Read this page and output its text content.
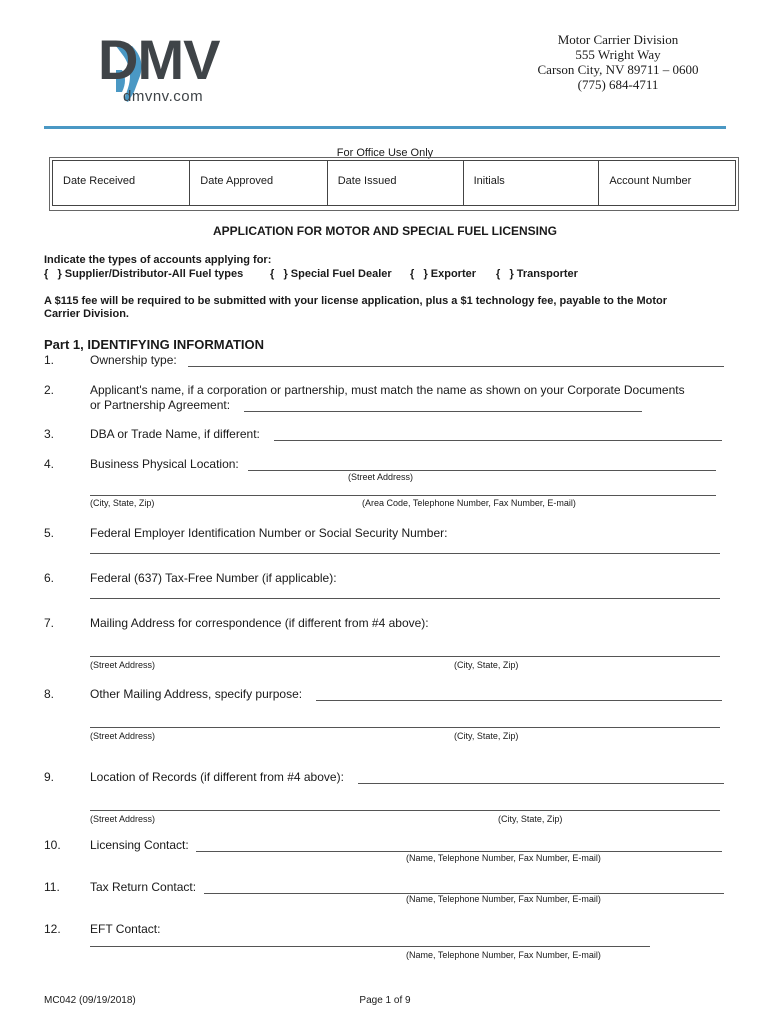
DMV
dmvnv.com
Motor Carrier Division
555 Wright Way
Carson City, NV 89711 – 0600
(775) 684-4711
For Office Use Only
Date Received	Date Approved	Date Issued	Initials	Account Number
APPLICATION FOR MOTOR AND SPECIAL FUEL LICENSING
Indicate the types of accounts applying for:
{   } Supplier/Distributor-All Fuel types {   } Special Fuel Dealer {   } Exporter {   } Transporter
A $115 fee will be required to be submitted with your license application, plus a $1 technology fee, payable to the Motor Carrier Division.
Part 1, IDENTIFYING INFORMATION
1.	Ownership type:
2.	Applicant's name, if a corporation or partnership, must match the name as shown on your Corporate Documents
or Partnership Agreement:
3.	DBA or Trade Name, if different:
4.	Business Physical Location:
(Street Address)
(City, State, Zip)	(Area Code, Telephone Number, Fax Number, E-mail)
5.	Federal Employer Identification Number or Social Security Number:
6.	Federal (637) Tax-Free Number (if applicable):
7.	Mailing Address for correspondence (if different from #4 above):
(Street Address)	(City, State, Zip)
8.	Other Mailing Address, specify purpose:
(Street Address)	(City, State, Zip)
9.	Location of Records (if different from #4 above):
(Street Address)	(City, State, Zip)
10. Licensing Contact:
(Name, Telephone Number, Fax Number, E-mail)
11.	Tax Return Contact:
(Name, Telephone Number, Fax Number, E-mail)
12. EFT Contact:
(Name, Telephone Number, Fax Number, E-mail)
MC042 (09/19/2018)	Page 1 of 9
